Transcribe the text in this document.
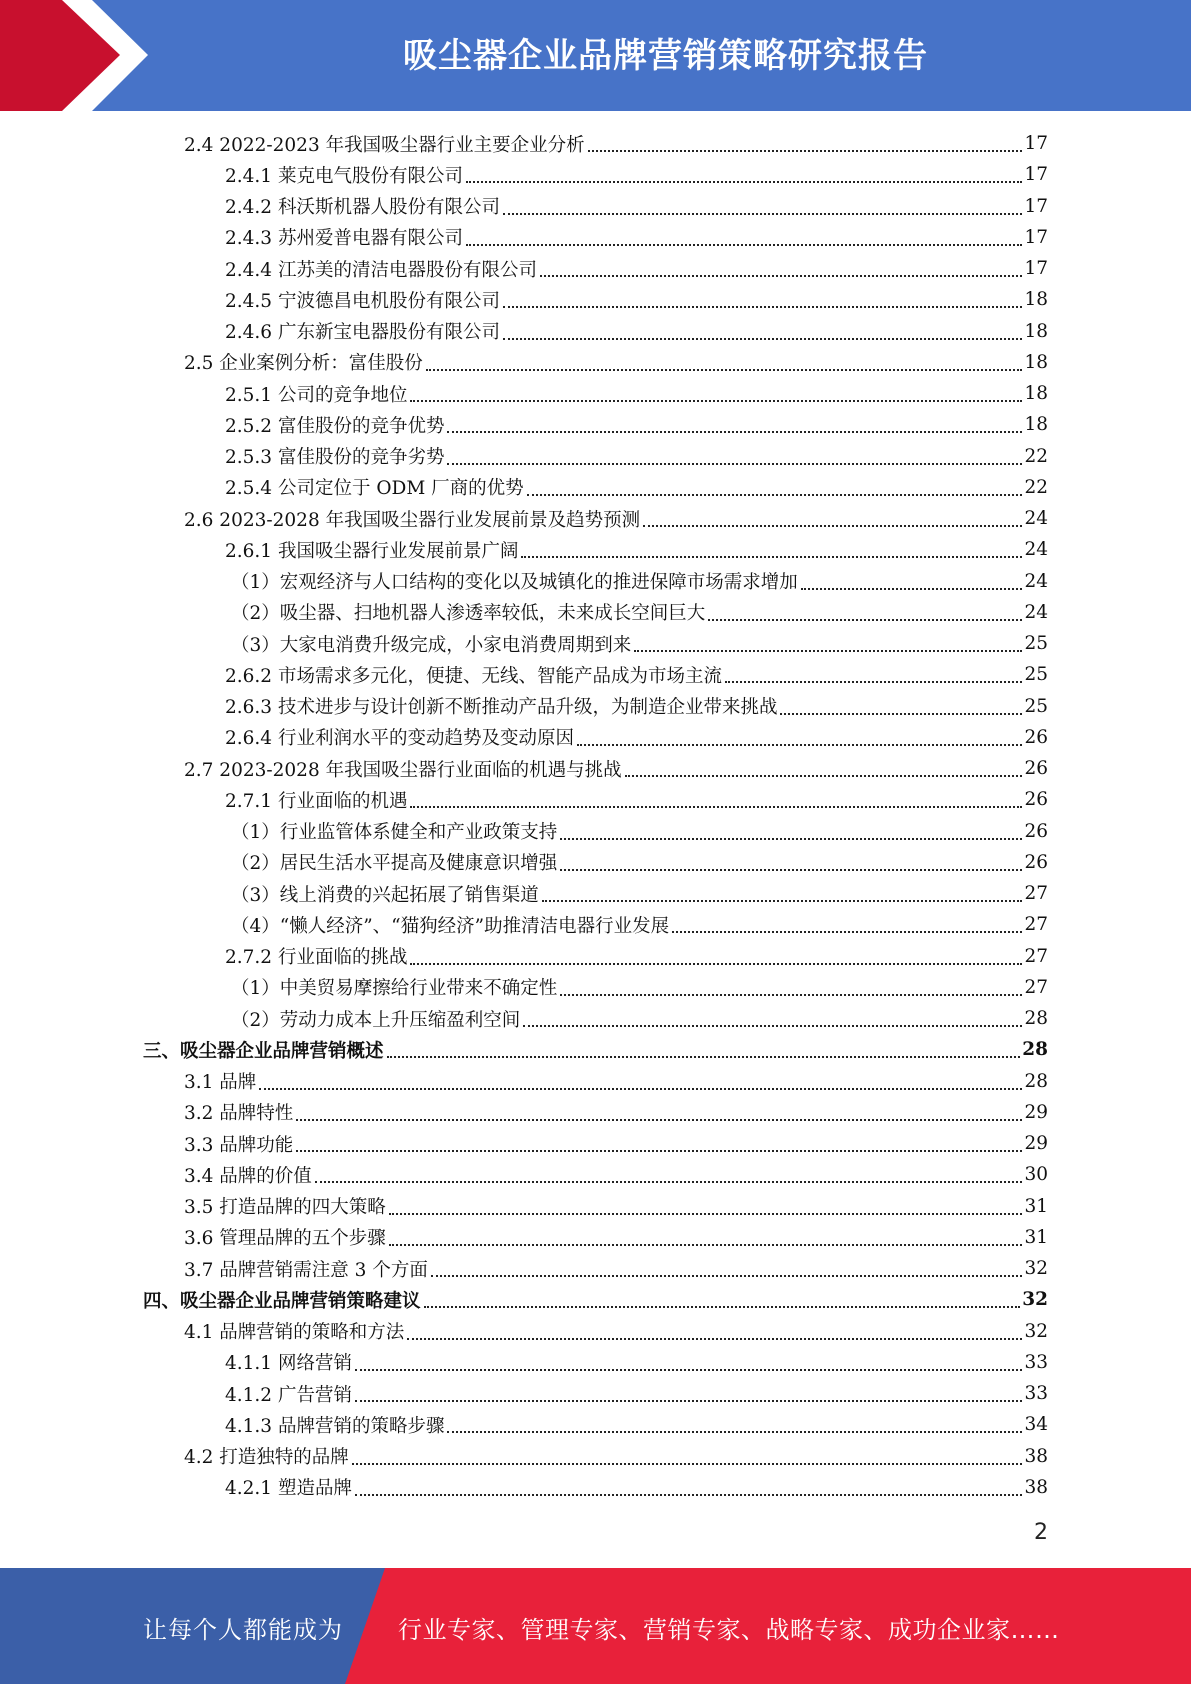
吸尘器企业品牌营销策略研究报告
2.4 2022-2023 年我国吸尘器行业主要企业分析	17
2.4.1 莱克电气股份有限公司	17
2.4.2 科沃斯机器人股份有限公司	17
2.4.3 苏州爱普电器有限公司	17
2.4.4 江苏美的清洁电器股份有限公司	17
2.4.5 宁波德昌电机股份有限公司	18
2.4.6 广东新宝电器股份有限公司	18
2.5 企业案例分析：富佳股份	18
2.5.1 公司的竞争地位	18
2.5.2 富佳股份的竞争优势	18
2.5.3 富佳股份的竞争劣势	22
2.5.4 公司定位于 ODM 厂商的优势	22
2.6 2023-2028 年我国吸尘器行业发展前景及趋势预测	24
2.6.1 我国吸尘器行业发展前景广阔	24
（1）宏观经济与人口结构的变化以及城镇化的推进保障市场需求增加	24
（2）吸尘器、扫地机器人渗透率较低，未来成长空间巨大	24
（3）大家电消费升级完成，小家电消费周期到来	25
2.6.2 市场需求多元化，便捷、无线、智能产品成为市场主流	25
2.6.3 技术进步与设计创新不断推动产品升级，为制造企业带来挑战	25
2.6.4 行业利润水平的变动趋势及变动原因	26
2.7 2023-2028 年我国吸尘器行业面临的机遇与挑战	26
2.7.1 行业面临的机遇	26
（1）行业监管体系健全和产业政策支持	26
（2）居民生活水平提高及健康意识增强	26
（3）线上消费的兴起拓展了销售渠道	27
（4）“懒人经济”、“猫狗经济”助推清洁电器行业发展	27
2.7.2 行业面临的挑战	27
（1）中美贸易摩擦给行业带来不确定性	27
（2）劳动力成本上升压缩盈利空间	28
三、吸尘器企业品牌营销概述	28
3.1 品牌	28
3.2 品牌特性	29
3.3 品牌功能	29
3.4 品牌的价值	30
3.5 打造品牌的四大策略	31
3.6 管理品牌的五个步骤	31
3.7 品牌营销需注意 3 个方面	32
四、吸尘器企业品牌营销策略建议	32
4.1 品牌营销的策略和方法	32
4.1.1 网络营销	33
4.1.2 广告营销	33
4.1.3 品牌营销的策略步骤	34
4.2 打造独特的品牌	38
4.2.1 塑造品牌	38
2
让每个人都能成为 行业专家、管理专家、营销专家、战略专家、成功企业家……
